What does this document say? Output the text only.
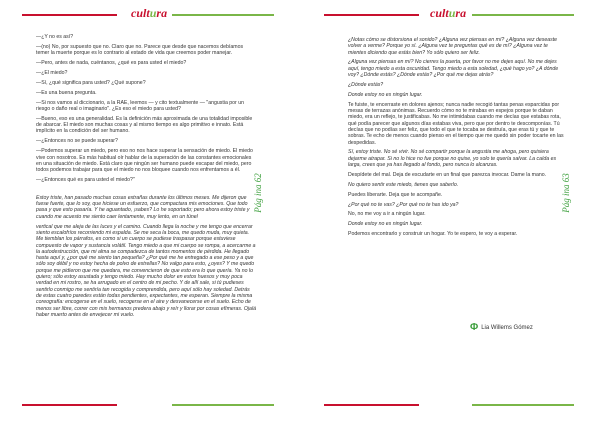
cultura

—¿Y no es así?

—(no) No, por supuesto que no. Claro que no. Parece que desde que nacemos debíamos temer la muerte porque es lo contrario al estado de vida que creemos poder manejar.

—Pero, antes de nada, cuéntanos, ¿qué es para usted el miedo?

—¿El miedo?

—Sí, ¿qué significa para usted? ¿Qué supone?

—Es una buena pregunta.

—Si nos vamos al diccionario, a la RAE, leemos — y cito textualmente — "angustia por un riesgo o daño real o imaginario". ¿Es eso el miedo para usted?

—Bueno, eso es una generalidad. Es la definición más aproximada de una totalidad imposible de abarcar. El miedo son muchas cosas y al mismo tiempo es algo primitivo e innato. Está implícito en la condición del ser humano.

—¿Entonces no se puede superar?

—Podemos superar un miedo, pero eso no nos hace superar la sensación de miedo. El miedo vive con nosotros. Es más habitual oír hablar de la superación de las constantes emocionales en una situación de miedo. Está claro que ningún ser humano puede escapar del miedo, pero todos podemos trabajar para que el miedo no nos bloquee cuando nos enfrentamos a él.

—¿Entonces qué es para usted el miedo?"

Estoy triste, han pasado muchas cosas extrañas durante los últimos meses. Me dijeron que fuese fuerte, que lo soy, que hiciese un esfuerzo, que compactara mis emociones. Que todo pasa y que esto pasaría. Y he aguantado, ¡sabes? Lo he soportado; pero ahora estoy triste y cuando me acuesto me siento caer lentamente, muy lento, en un túnel

vertical que me aleja de las luces y el camino. Cuando llega la noche y me tengo que encerrar siento escalofríos recorriendo mi espalda. Se me seca la boca, me quedo muda, muy quieta. Me tiemblan los párrafos, es como si un cuerpo se pudiese traspasar porque estuviese compuesto de vapor y sustancia volátil. Tengo miedo a que mi cuerpo se rompa, a acercarme a la autodestrucción, que mi alma se compadezca de tantos momentos de pérdida. He llegado hasta aquí y, ¿por qué me siento tan pequeña? ¿Por qué me he entregado a ese peso y a que sólo soy débil y no estoy hecha de polvo de estrellas? No valgo para esto, ¿oyes? Y me quedo porque me pidieron que me quedara, me convencieron de que esto era lo que quería. Ya no lo quiero; sólo estoy asustada y tengo miedo. Hay mucho dolor en estos huesos y muy poca verdad en mi rostro, se ha arrugado en el centro de mi pecho. Y de allí sale, si tú pudieses sentirlo conmigo me sentiría tan recogida y comprendida, pero aquí sólo hay soledad. Detrás de estas cuatro paredes están todas pendientes, expectantes, me esperan. Siempre la misma coreografía: encogerse en el suelo, recogerse en el aire y desvanecerse en el suelo. Echo de menos ser libre, correr con mis hermanos predera abajo y reír y llorar por cosas efímeras. Ojalá haber muerto antes de envejecer mi vuelo.

Pág ina 62
cultura

¿Notas cómo se distorsiona el sonido? ¿Alguna vez piensas en mí? ¿Alguna vez deseaste volver a verme? Porque yo sí. ¿Alguna vez te preguntas qué es de mí? ¿Alguna vez te mientes diciendo que estás bien? Yo sólo quiero ser feliz.

¿Alguna vez piensas en mí? No cierres la puerta, por favor no me dejes aquí. No me dejes aquí, tengo miedo a esta oscuridad. Tengo miedo a esta soledad, ¿qué hago yo? ¿A dónde voy? ¿Dónde estás? ¿Dónde estás? ¿Por qué me dejas atrás?

¿Dónde estás?

Donde estoy no es ningún lugar.

Te fuiste, te encerraste en dolores ajenos; nunca nadie recogió tantas penas esparcidas por mesas de terrazas anónimas. Recuerdo cómo no te mirabas en espejos porque te daban miedo, era un reflejo, te justificabas. No me intimidabas cuando me decías que estabas rota, qué podía parecer que algunos días estabas viva, pero que por dentro te descomponías. Tú decías que no podías ser feliz, que todo el que te tocaba se destruía, que eras tú y que te sobras. Te echo de menos cuando pienso en el tiempo que me quedó sin poder tocarte en las despedidas.

Sí, estoy triste. No sé vivir. No sé compartir porque la angustia me ahoga, pero quisiera dejarme atrapar. Si no lo hice no fue porque no quise, yo solo te quería salvar. La caída es larga, crees que ya has llegado al fondo, pero nunca lo alcanzas.

Despídete del mal. Deja de escudarte en un final que parezca invocar. Dame la mano.

No quiero sentir este miedo, tienes que saberlo.

Puedes liberarte. Deja que te acompañe.

¿Por qué no te vas? ¿Por qué no te has ido ya?

No, no me voy a ir a ningún lugar.

Donde estoy no es ningún lugar.

Podemos encontrarlo y construir un hogar. Yo te espero, te voy a esperar.

Pág ina 63
Φ Lia Willems Gómez
